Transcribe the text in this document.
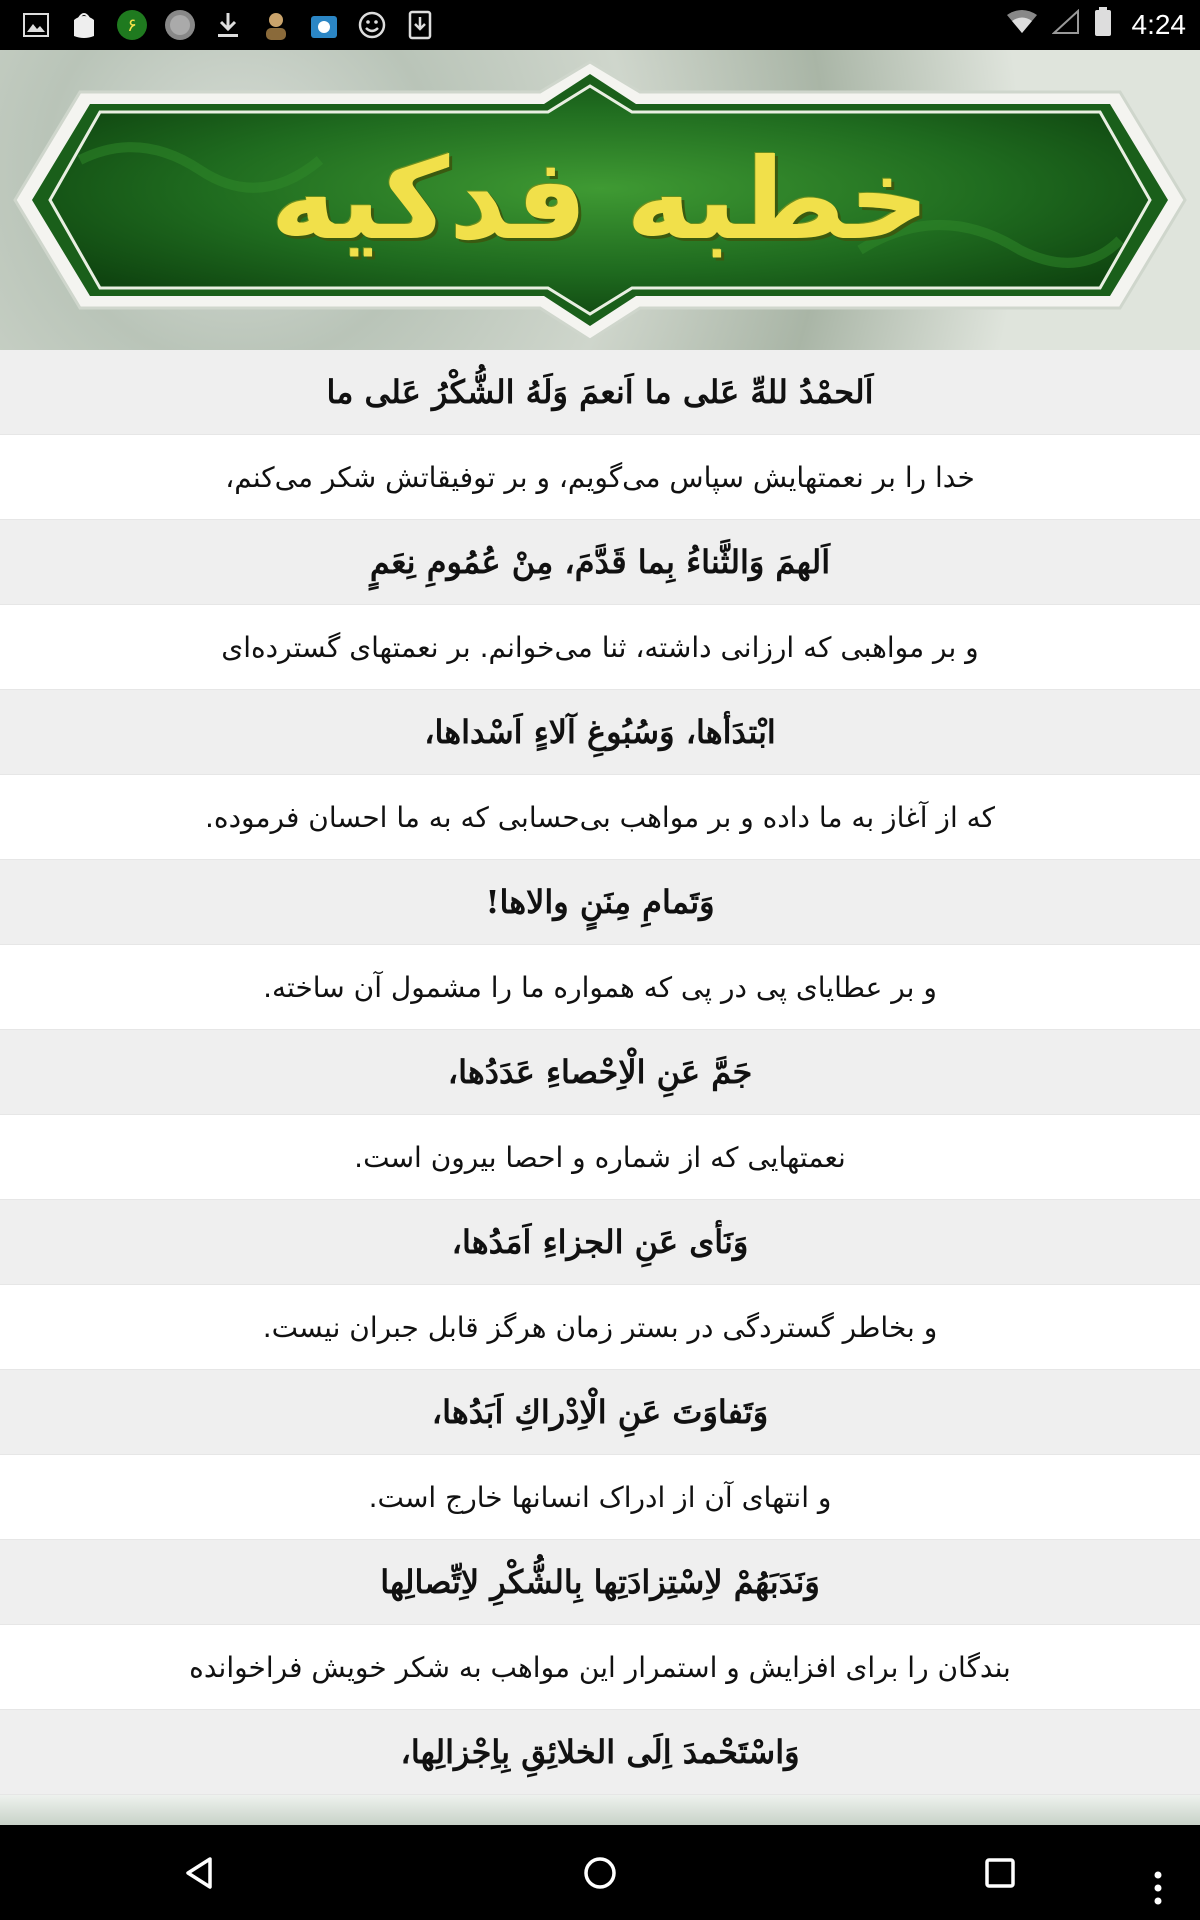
۶	4:24
خطبه فدکیه
اَلحمْدُ للهِّ عَلی ما اَنعمَ وَلَهُ الشُّكْرُ عَلی ما
خدا را بر نعمتهایش سپاس می‌گویم، و بر توفیقاتش شکر می‌کنم،
اَلهمَ وَالثَّناءُ بِما قَدَّمَ، مِنْ عُمُومِ نِعَمٍ
و بر مواهبی که ارزانی داشته، ثنا می‌خوانم. بر نعمتهای گسترده‌ای
ابْتدَأها، وَسُبُوغِ آلاءٍ اَسْداها،
که از آغاز به ما داده و بر مواهب بی‌حسابی که به ما احسان فرموده.
وَتَمامِ مِنَنٍ والاها!
و بر عطایای پی در پی که همواره ما را مشمول آن ساخته.
جَمَّ عَنِ الْاِحْصاءِ عَدَدُها،
نعمتهایی که از شماره و احصا بیرون است.
وَنَأی عَنِ الجزاءِ اَمَدُها،
و بخاطر گستردگی در بستر زمان هرگز قابل جبران نیست.
وَتَفاوَتَ عَنِ الْاِدْراكِ اَبَدُها،
و انتهای آن از ادراک انسانها خارج است.
وَنَدَبَهُمْ لاِسْتِزادَتِها بِالشُّكْرِ لاِتِّصالِها
بندگان را برای افزایش و استمرار این مواهب به شکر خویش فراخوانده
وَاسْتَحْمدَ اِلَی الخلائِقِ بِاِجْزالِها،
